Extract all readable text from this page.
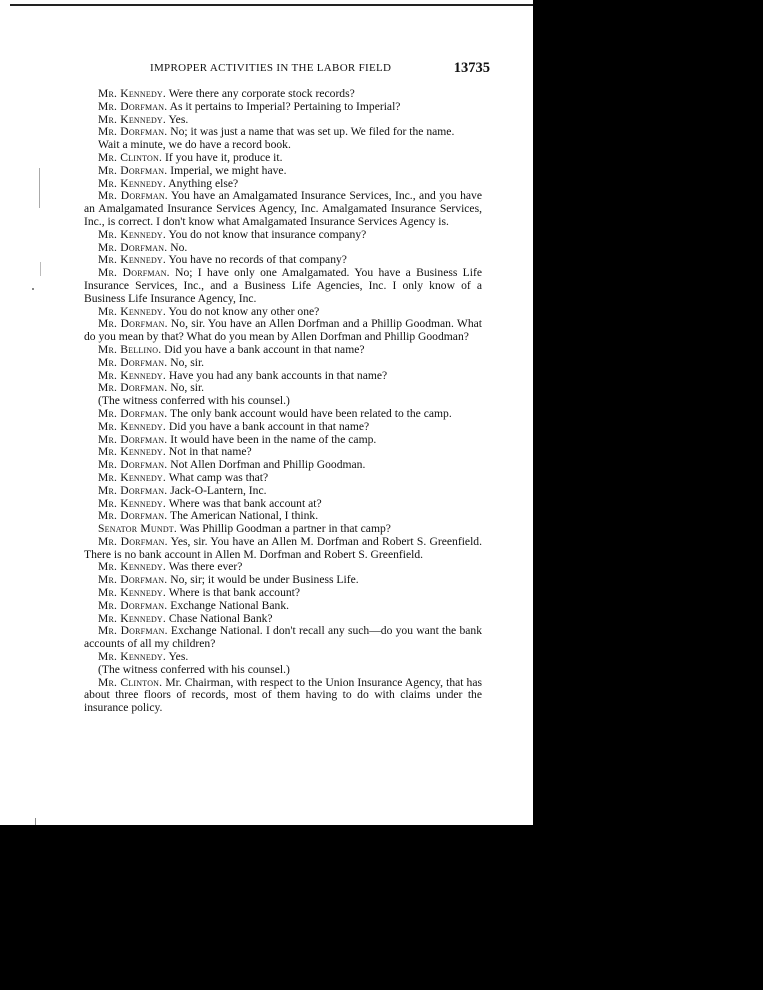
IMPROPER ACTIVITIES IN THE LABOR FIELD	13735

Mr. Kennedy. Were there any corporate stock records?

Mr. Dorfman. As it pertains to Imperial? Pertaining to Imperial?

Mr. Kennedy. Yes.

Mr. Dorfman. No; it was just a name that was set up. We filed for the name.

Wait a minute, we do have a record book.

Mr. Clinton. If you have it, produce it.

Mr. Dorfman. Imperial, we might have.

Mr. Kennedy. Anything else?

Mr. Dorfman. You have an Amalgamated Insurance Services, Inc., and you have an Amalgamated Insurance Services Agency, Inc. Amalgamated Insurance Services, Inc., is correct. I don't know what Amalgamated Insurance Services Agency is.

Mr. Kennedy. You do not know that insurance company?

Mr. Dorfman. No.

Mr. Kennedy. You have no records of that company?

Mr. Dorfman. No; I have only one Amalgamated. You have a Business Life Insurance Services, Inc., and a Business Life Agencies, Inc. I only know of a Business Life Insurance Agency, Inc.

Mr. Kennedy. You do not know any other one?

Mr. Dorfman. No, sir. You have an Allen Dorfman and a Phillip Goodman. What do you mean by that? What do you mean by Allen Dorfman and Phillip Goodman?

Mr. Bellino. Did you have a bank account in that name?

Mr. Dorfman. No, sir.

Mr. Kennedy. Have you had any bank accounts in that name?

Mr. Dorfman. No, sir.

(The witness conferred with his counsel.)

Mr. Dorfman. The only bank account would have been related to the camp.

Mr. Kennedy. Did you have a bank account in that name?

Mr. Dorfman. It would have been in the name of the camp.

Mr. Kennedy. Not in that name?

Mr. Dorfman. Not Allen Dorfman and Phillip Goodman.

Mr. Kennedy. What camp was that?

Mr. Dorfman. Jack-O-Lantern, Inc.

Mr. Kennedy. Where was that bank account at?

Mr. Dorfman. The American National, I think.

Senator Mundt. Was Phillip Goodman a partner in that camp?

Mr. Dorfman. Yes, sir. You have an Allen M. Dorfman and Robert S. Greenfield. There is no bank account in Allen M. Dorfman and Robert S. Greenfield.

Mr. Kennedy. Was there ever?

Mr. Dorfman. No, sir; it would be under Business Life.

Mr. Kennedy. Where is that bank account?

Mr. Dorfman. Exchange National Bank.

Mr. Kennedy. Chase National Bank?

Mr. Dorfman. Exchange National. I don't recall any such—do you want the bank accounts of all my children?

Mr. Kennedy. Yes.

(The witness conferred with his counsel.)

Mr. Clinton. Mr. Chairman, with respect to the Union Insurance Agency, that has about three floors of records, most of them having to do with claims under the insurance policy.
